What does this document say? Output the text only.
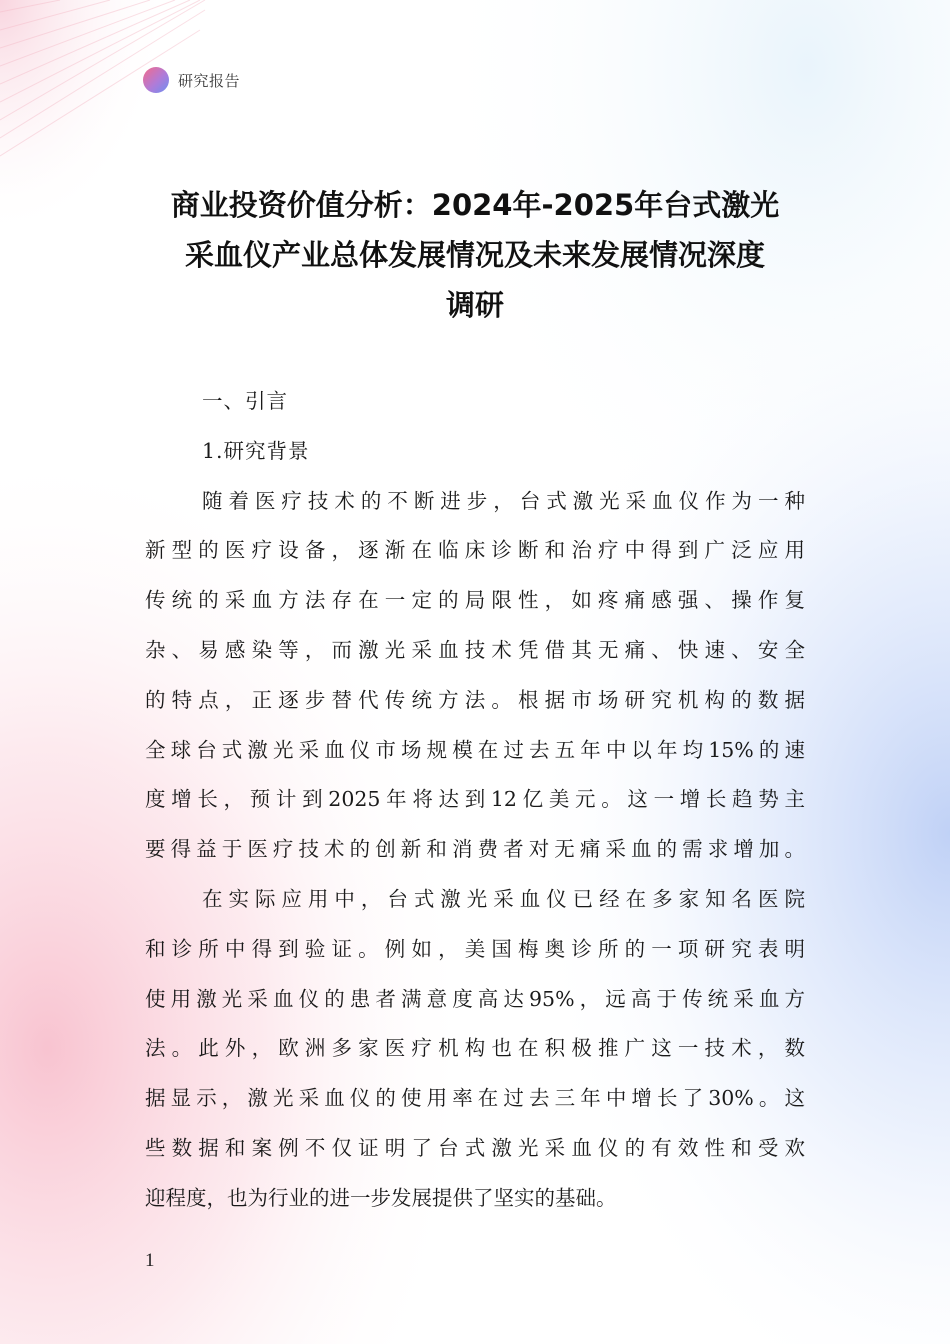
研究报告
商业投资价值分析：2024年-2025年台式激光
采血仪产业总体发展情况及未来发展情况深度
调研
一、引言
1.研究背景
随着医疗技术的不断进步，台式激光采血仪作为一种
新型的医疗设备，逐渐在临床诊断和治疗中得到广泛应用
传统的采血方法存在一定的局限性，如疼痛感强、操作复
杂、易感染等，而激光采血技术凭借其无痛、快速、安全
的特点，正逐步替代传统方法。根据市场研究机构的数据
全球台式激光采血仪市场规模在过去五年中以年均15%的速
度增长，预计到2025年将达到12亿美元。这一增长趋势主
要得益于医疗技术的创新和消费者对无痛采血的需求增加。
在实际应用中，台式激光采血仪已经在多家知名医院
和诊所中得到验证。例如，美国梅奥诊所的一项研究表明
使用激光采血仪的患者满意度高达95%，远高于传统采血方
法。此外，欧洲多家医疗机构也在积极推广这一技术，数
据显示，激光采血仪的使用率在过去三年中增长了30%。这
些数据和案例不仅证明了台式激光采血仪的有效性和受欢
迎程度，也为行业的进一步发展提供了坚实的基础。
1
